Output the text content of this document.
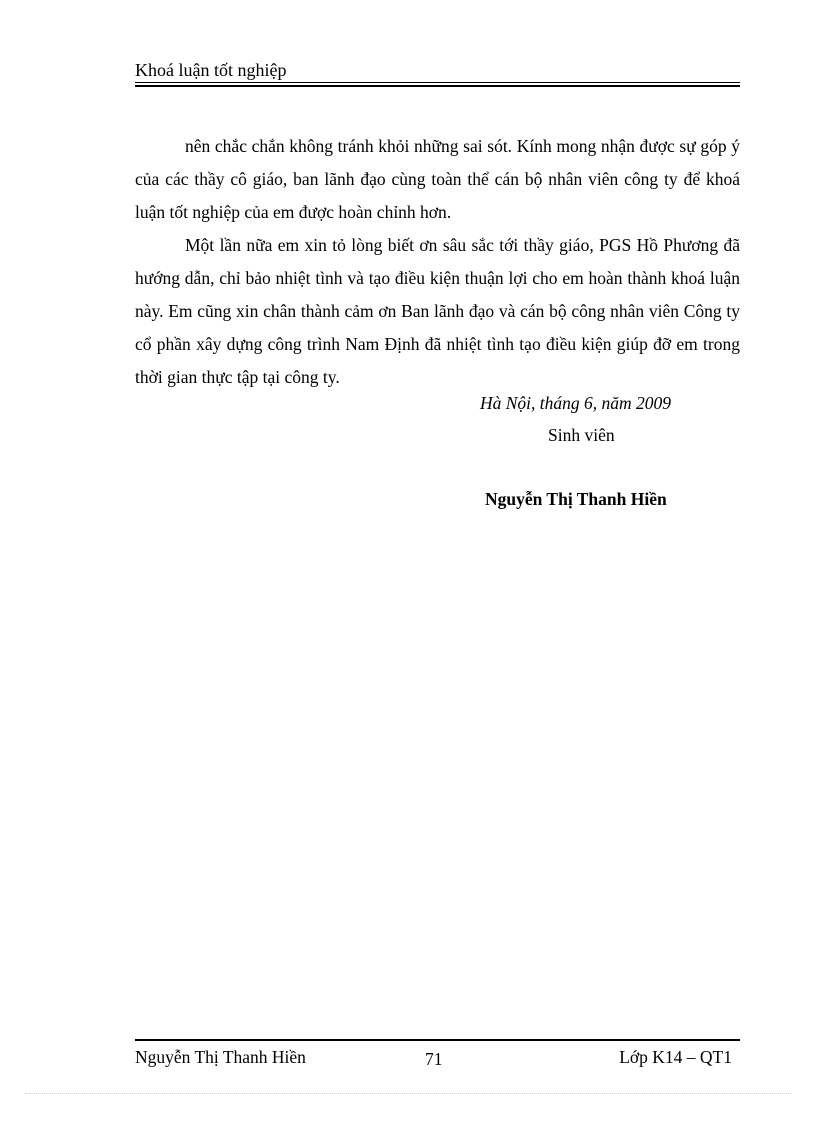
Khoá luận tốt nghiệp

nên chắc chắn không tránh khỏi những sai sót. Kính mong nhận được sự góp ý của các thầy cô giáo, ban lãnh đạo cùng toàn thể cán bộ nhân viên công ty để khoá luận tốt nghiệp của em được hoàn chỉnh hơn.

Một lần nữa em xin tỏ lòng biết ơn sâu sắc tới thầy giáo, PGS Hồ Phương đã hướng dẫn, chỉ bảo nhiệt tình và tạo điều kiện thuận lợi cho em hoàn thành khoá luận này. Em cũng xin chân thành cảm ơn Ban lãnh đạo và cán bộ công nhân viên Công ty cổ phần xây dựng công trình Nam Định đã nhiệt tình tạo điều kiện giúp đỡ em trong thời gian thực tập tại công ty.

Hà Nội, tháng 6, năm 2009
Sinh viên
Nguyễn Thị Thanh Hiền
Nguyễn Thị Thanh Hiền	71	Lớp K14 – QT1
